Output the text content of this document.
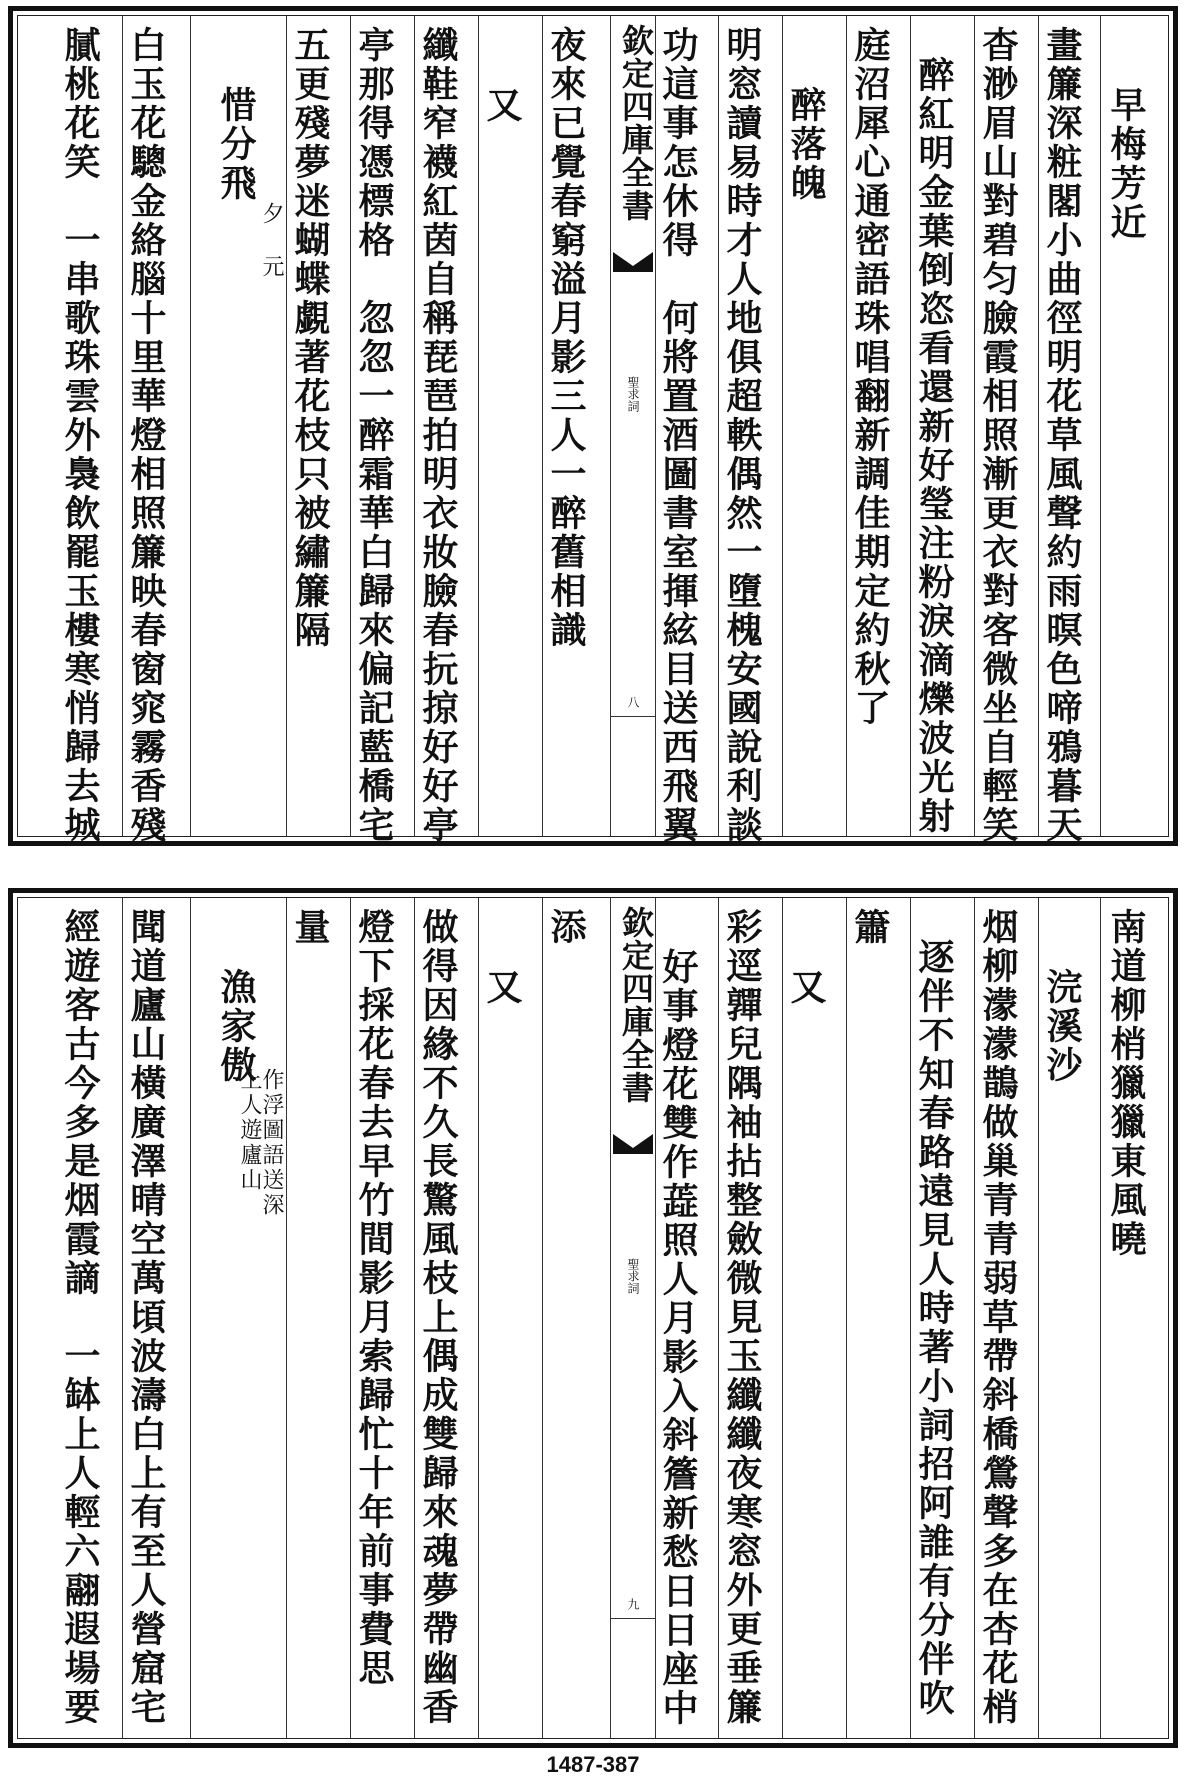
早梅芳近
畫簾深粧閣小曲徑明花草風聲約雨暝色啼鴉暮天
杳渺眉山對碧匀臉霞相照漸更衣對客微坐自輕笑
醉紅明金葉倒恣看還新好瑩注粉淚滴爍波光射
庭沼犀心通密語珠唱翻新調佳期定約秋了
醉落魄
明窓讀易時才人地俱超軼偶然一墮槐安國說利談
功這事怎休得　何將置酒圖書室揮絃目送西飛翼
欽定四庫全書
聖求詞
八
夜來已覺春窮溢月影三人一醉舊相識
又
纖鞋窄襪紅茵自稱琵琶拍明衣妝臉春抏掠好好亭
亭那得憑標格　忽忽一醉霜華白歸來偏記藍橋宅
五更殘夢迷蝴蝶覷著花枝只被繡簾隔
惜分飛
夕 元
白玉花驄金絡腦十里華燈相照簾映春窗窕霧香殘
膩桃花笑　一串歌珠雲外裊飲罷玉樓寒悄歸去城
南道柳梢獵獵東風曉
浣溪沙
烟柳濛濛鵲做巢青青弱草帶斜橋鶯聲多在杏花梢
逐伴不知春路遠見人時著小詞招阿誰有分伴吹
簫
又
彩逕嚲兒隅袖拈整斂微見玉纖纖夜寒窓外更垂簾
好事燈花雙作蕋照人月影入斜簷新愁日日座中
欽定四庫全書
聖求詞
九
添
又
做得因緣不久長驚風枝上偶成雙歸來魂夢帶幽香
燈下採花春去早竹間影月索歸忙十年前事費思
量
漁家傲
作浮圖語送深 上人遊廬山
聞道廬山橫廣澤晴空萬頃波濤白上有至人營窟宅
經遊客古今多是烟霞謫　一缽上人輕六翮遐場要
1487-387
